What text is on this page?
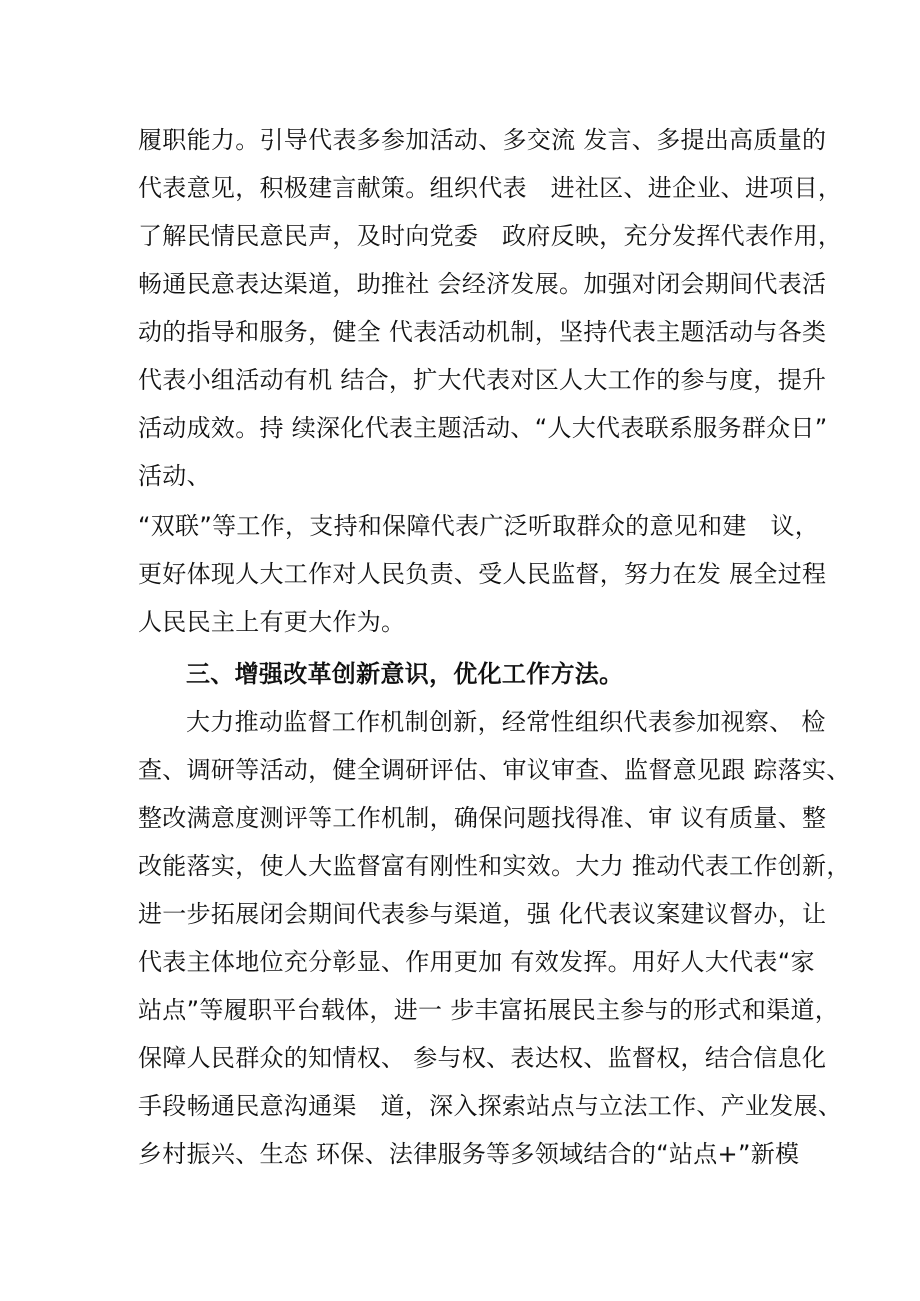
履职能力。引导代表多参加活动、多交流 发言、多提出高质量的
代表意见，积极建言献策。组织代表   进社区、进企业、进项目，
了解民情民意民声，及时向党委   政府反映，充分发挥代表作用，
畅通民意表达渠道，助推社 会经济发展。加强对闭会期间代表活
动的指导和服务，健全 代表活动机制，坚持代表主题活动与各类
代表小组活动有机 结合，扩大代表对区人大工作的参与度，提升
活动成效。持 续深化代表主题活动、“人大代表联系服务群众日”
活动、
“双联”等工作，支持和保障代表广泛听取群众的意见和建   议，
更好体现人大工作对人民负责、受人民监督，努力在发 展全过程
人民民主上有更大作为。
三、增强改革创新意识，优化工作方法。
大力推动监督工作机制创新，经常性组织代表参加视察、 检
查、调研等活动，健全调研评估、审议审查、监督意见跟 踪落实、
整改满意度测评等工作机制，确保问题找得准、审 议有质量、整
改能落实，使人大监督富有刚性和实效。大力 推动代表工作创新，
进一步拓展闭会期间代表参与渠道，强 化代表议案建议督办，让
代表主体地位充分彰显、作用更加 有效发挥。用好人大代表“家
站点”等履职平台载体，进一 步丰富拓展民主参与的形式和渠道，
保障人民群众的知情权、 参与权、表达权、监督权，结合信息化
手段畅通民意沟通渠   道，深入探索站点与立法工作、产业发展、
乡村振兴、生态 环保、法律服务等多领域结合的“站点+”新模
